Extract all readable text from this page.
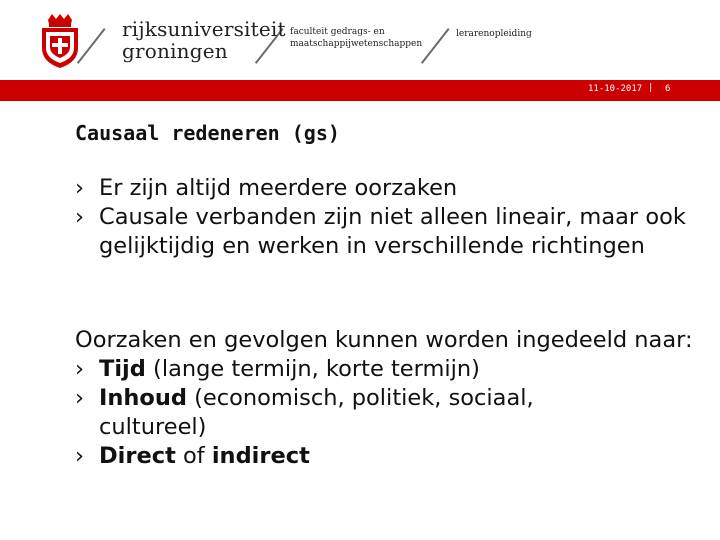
rijksuniversiteit
groningen
faculteit gedrags- en
maatschappijwetenschappen
lerarenopleiding
11-10-2017 | 6
Causaal redeneren (gs)
› Er zijn altijd meerdere oorzaken
› Causale verbanden zijn niet alleen lineair, maar ook gelijktijdig en werken in verschillende richtingen

Oorzaken en gevolgen kunnen worden ingedeeld naar:

› Tijd (lange termijn, korte termijn)
› Inhoud (economisch, politiek, sociaal, cultureel)
› Direct of indirect
